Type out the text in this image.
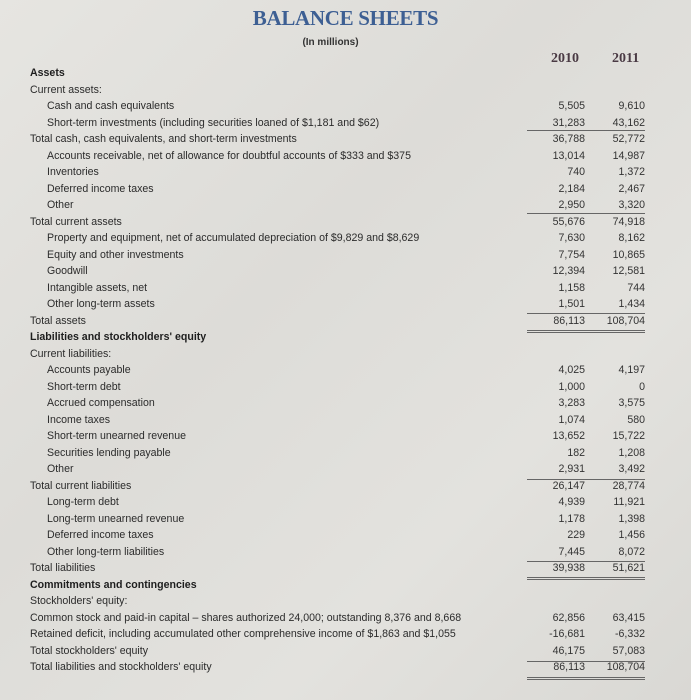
BALANCE SHEETS
(In millions)
2010 2011
Assets
Current assets:
Cash and cash equivalents	5,505	9,610
Short-term investments (including securities loaned of $1,181 and $62)	31,283	43,162
Total cash, cash equivalents, and short-term investments	36,788	52,772
Accounts receivable, net of allowance for doubtful accounts of $333 and $375	13,014	14,987
Inventories	740	1,372
Deferred income taxes	2,184	2,467
Other	2,950	3,320
Total current assets	55,676	74,918
Property and equipment, net of accumulated depreciation of $9,829 and $8,629	7,630	8,162
Equity and other investments	7,754	10,865
Goodwill	12,394	12,581
Intangible assets, net	1,158	744
Other long-term assets	1,501	1,434
Total assets	86,113	108,704
Liabilities and stockholders' equity
Current liabilities:
Accounts payable	4,025	4,197
Short-term debt	1,000	0
Accrued compensation	3,283	3,575
Income taxes	1,074	580
Short-term unearned revenue	13,652	15,722
Securities lending payable	182	1,208
Other	2,931	3,492
Total current liabilities	26,147	28,774
Long-term debt	4,939	11,921
Long-term unearned revenue	1,178	1,398
Deferred income taxes	229	1,456
Other long-term liabilities	7,445	8,072
Total liabilities	39,938	51,621
Commitments and contingencies
Stockholders' equity:
Common stock and paid-in capital – shares authorized 24,000; outstanding 8,376 and 8,668	62,856	63,415
Retained deficit, including accumulated other comprehensive income of $1,863 and $1,055	-16,681	-6,332
Total stockholders' equity	46,175	57,083
Total liabilities and stockholders' equity	86,113	108,704
